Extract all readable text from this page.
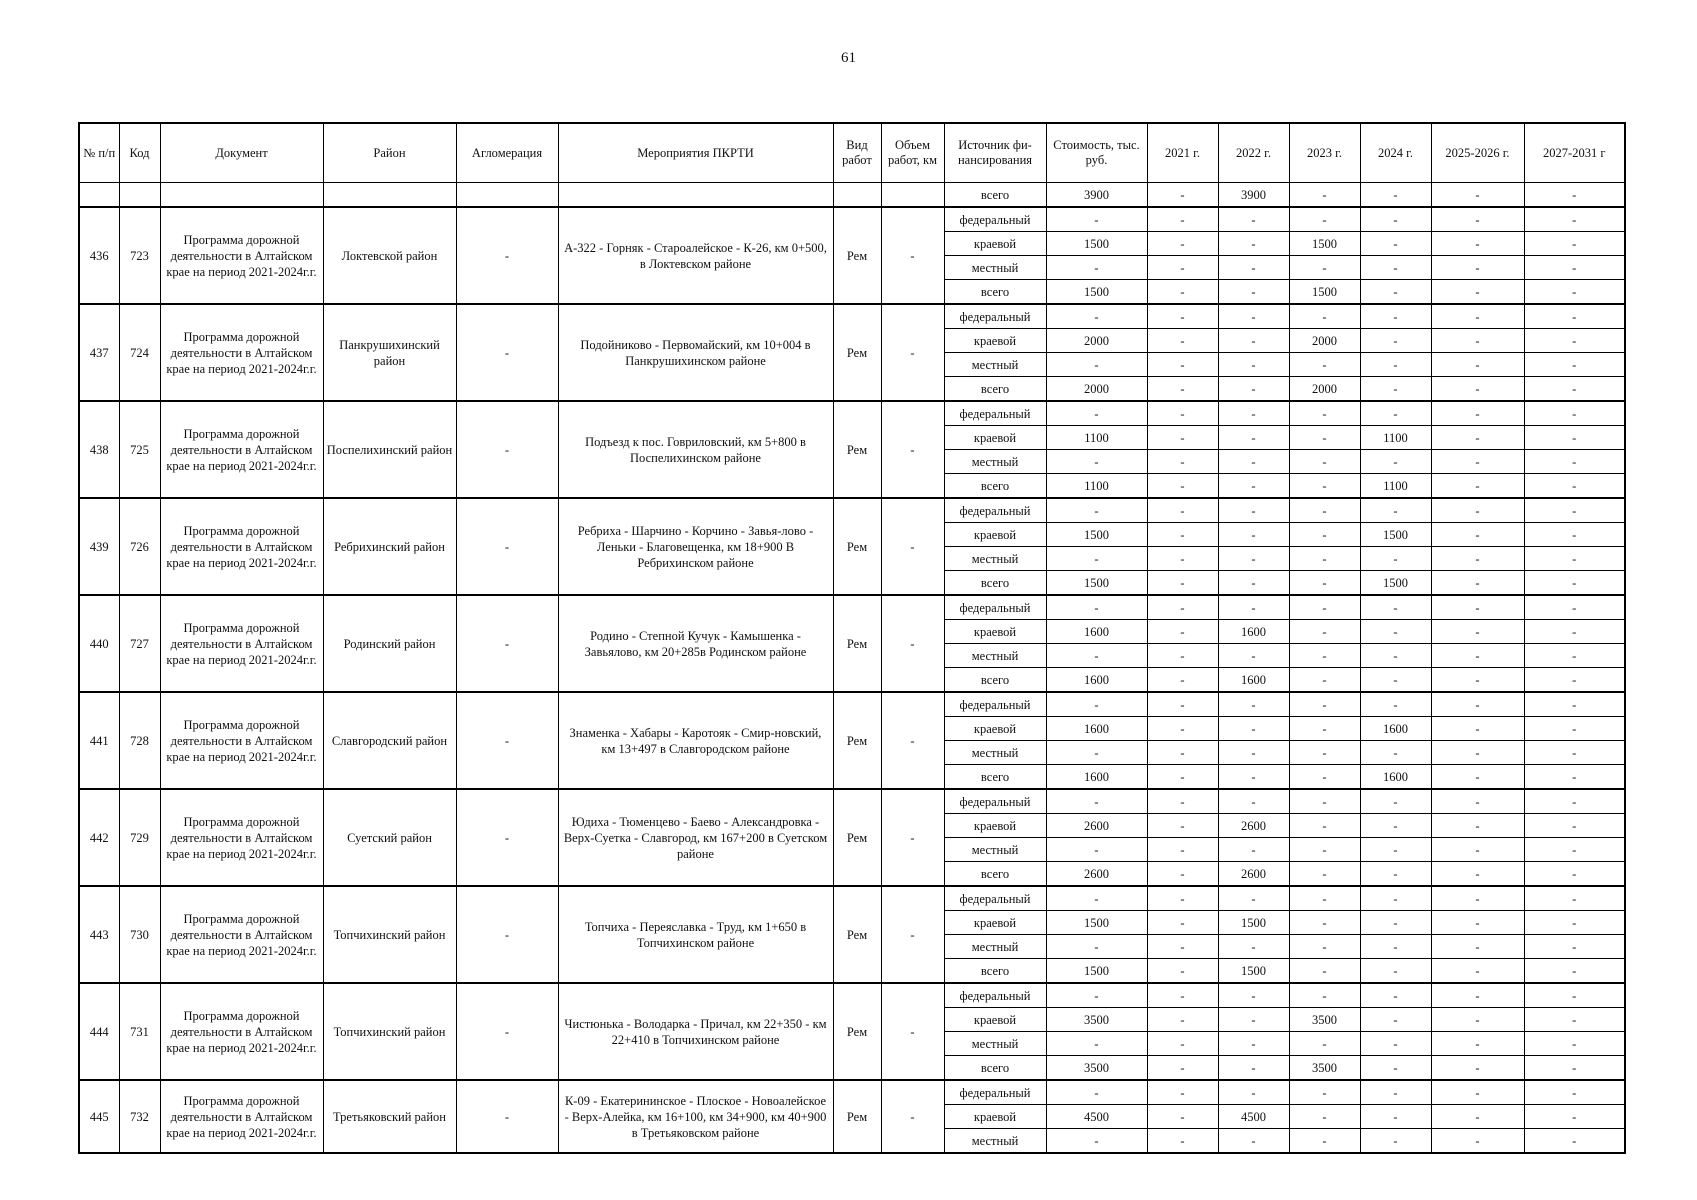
61
№ п/п	Код	Документ	Район	Агломерация	Мероприятия ПКРТИ	Вид работ	Объем работ, км	Источник фи-нансирования	Стоимость, тыс. руб.	2021 г.	2022 г.	2023 г.	2024 г.	2025-2026 г.	2027-2031 г
								всего	3900	-	3900	-	-	-	-
436	723	Программа дорожной деятельности в Алтайском крае на период 2021-2024г.г.	Локтевской район	-	А-322 - Горняк - Староалейское - К-26, км 0+500, в Локтевском районе	Рем	-	федеральный	-	-	-	-	-	-	-
								краевой	1500	-	-	1500	-	-	-
								местный	-	-	-	-	-	-	-
								всего	1500	-	-	1500	-	-	-
437	724	Программа дорожной деятельности в Алтайском крае на период 2021-2024г.г.	Панкрушихинский район	-	Подойниково - Первомайский, км 10+004 в Панкрушихинском районе	Рем	-	федеральный	-	-	-	-	-	-	-
								краевой	2000	-	-	2000	-	-	-
								местный	-	-	-	-	-	-	-
								всего	2000	-	-	2000	-	-	-
438	725	Программа дорожной деятельности в Алтайском крае на период 2021-2024г.г.	Поспелихинский район	-	Подъезд к пос. Говриловский, км 5+800 в Поспелихинском районе	Рем	-	федеральный	-	-	-	-	-	-	-
								краевой	1100	-	-	-	1100	-	-
								местный	-	-	-	-	-	-	-
								всего	1100	-	-	-	1100	-	-
439	726	Программа дорожной деятельности в Алтайском крае на период 2021-2024г.г.	Ребрихинский район	-	Ребриха - Шарчино - Корчино - Завья-лово - Леньки - Благовещенка, км 18+900 В Ребрихинском районе	Рем	-	федеральный	-	-	-	-	-	-	-
								краевой	1500	-	-	-	1500	-	-
								местный	-	-	-	-	-	-	-
								всего	1500	-	-	-	1500	-	-
440	727	Программа дорожной деятельности в Алтайском крае на период 2021-2024г.г.	Родинский район	-	Родино - Степной Кучук - Камышенка - Завьялово, км 20+285в Родинском районе	Рем	-	федеральный	-	-	-	-	-	-	-
								краевой	1600	-	1600	-	-	-	-
								местный	-	-	-	-	-	-	-
								всего	1600	-	1600	-	-	-	-
441	728	Программа дорожной деятельности в Алтайском крае на период 2021-2024г.г.	Славгородский район	-	Знаменка - Хабары - Каротояк - Смир-новский, км 13+497 в Славгородском районе	Рем	-	федеральный	-	-	-	-	-	-	-
								краевой	1600	-	-	-	1600	-	-
								местный	-	-	-	-	-	-	-
								всего	1600	-	-	-	1600	-	-
442	729	Программа дорожной деятельности в Алтайском крае на период 2021-2024г.г.	Суетский район	-	Юдиха - Тюменцево - Баево - Александровка - Верх-Суетка - Славгород, км 167+200 в Суетском районе	Рем	-	федеральный	-	-	-	-	-	-	-
								краевой	2600	-	2600	-	-	-	-
								местный	-	-	-	-	-	-	-
								всего	2600	-	2600	-	-	-	-
443	730	Программа дорожной деятельности в Алтайском крае на период 2021-2024г.г.	Топчихинский район	-	Топчиха - Переяславка - Труд, км 1+650 в Топчихинском районе	Рем	-	федеральный	-	-	-	-	-	-	-
								краевой	1500	-	1500	-	-	-	-
								местный	-	-	-	-	-	-	-
								всего	1500	-	1500	-	-	-	-
444	731	Программа дорожной деятельности в Алтайском крае на период 2021-2024г.г.	Топчихинский район	-	Чистюнька - Володарка - Причал, км 22+350 - км 22+410 в Топчихинском районе	Рем	-	федеральный	-	-	-	-	-	-	-
								краевой	3500	-	-	3500	-	-	-
								местный	-	-	-	-	-	-	-
								всего	3500	-	-	3500	-	-	-
445	732	Программа дорожной деятельности в Алтайском крае на период 2021-2024г.г.	Третьяковский район	-	К-09 - Екатерининское - Плоское - Новоалейское - Верх-Алейка, км 16+100, км 34+900, км 40+900 в Третьяковском районе	Рем	-	федеральный	-	-	-	-	-	-	-
								краевой	4500	-	4500	-	-	-	-
								местный	-	-	-	-	-	-	-
